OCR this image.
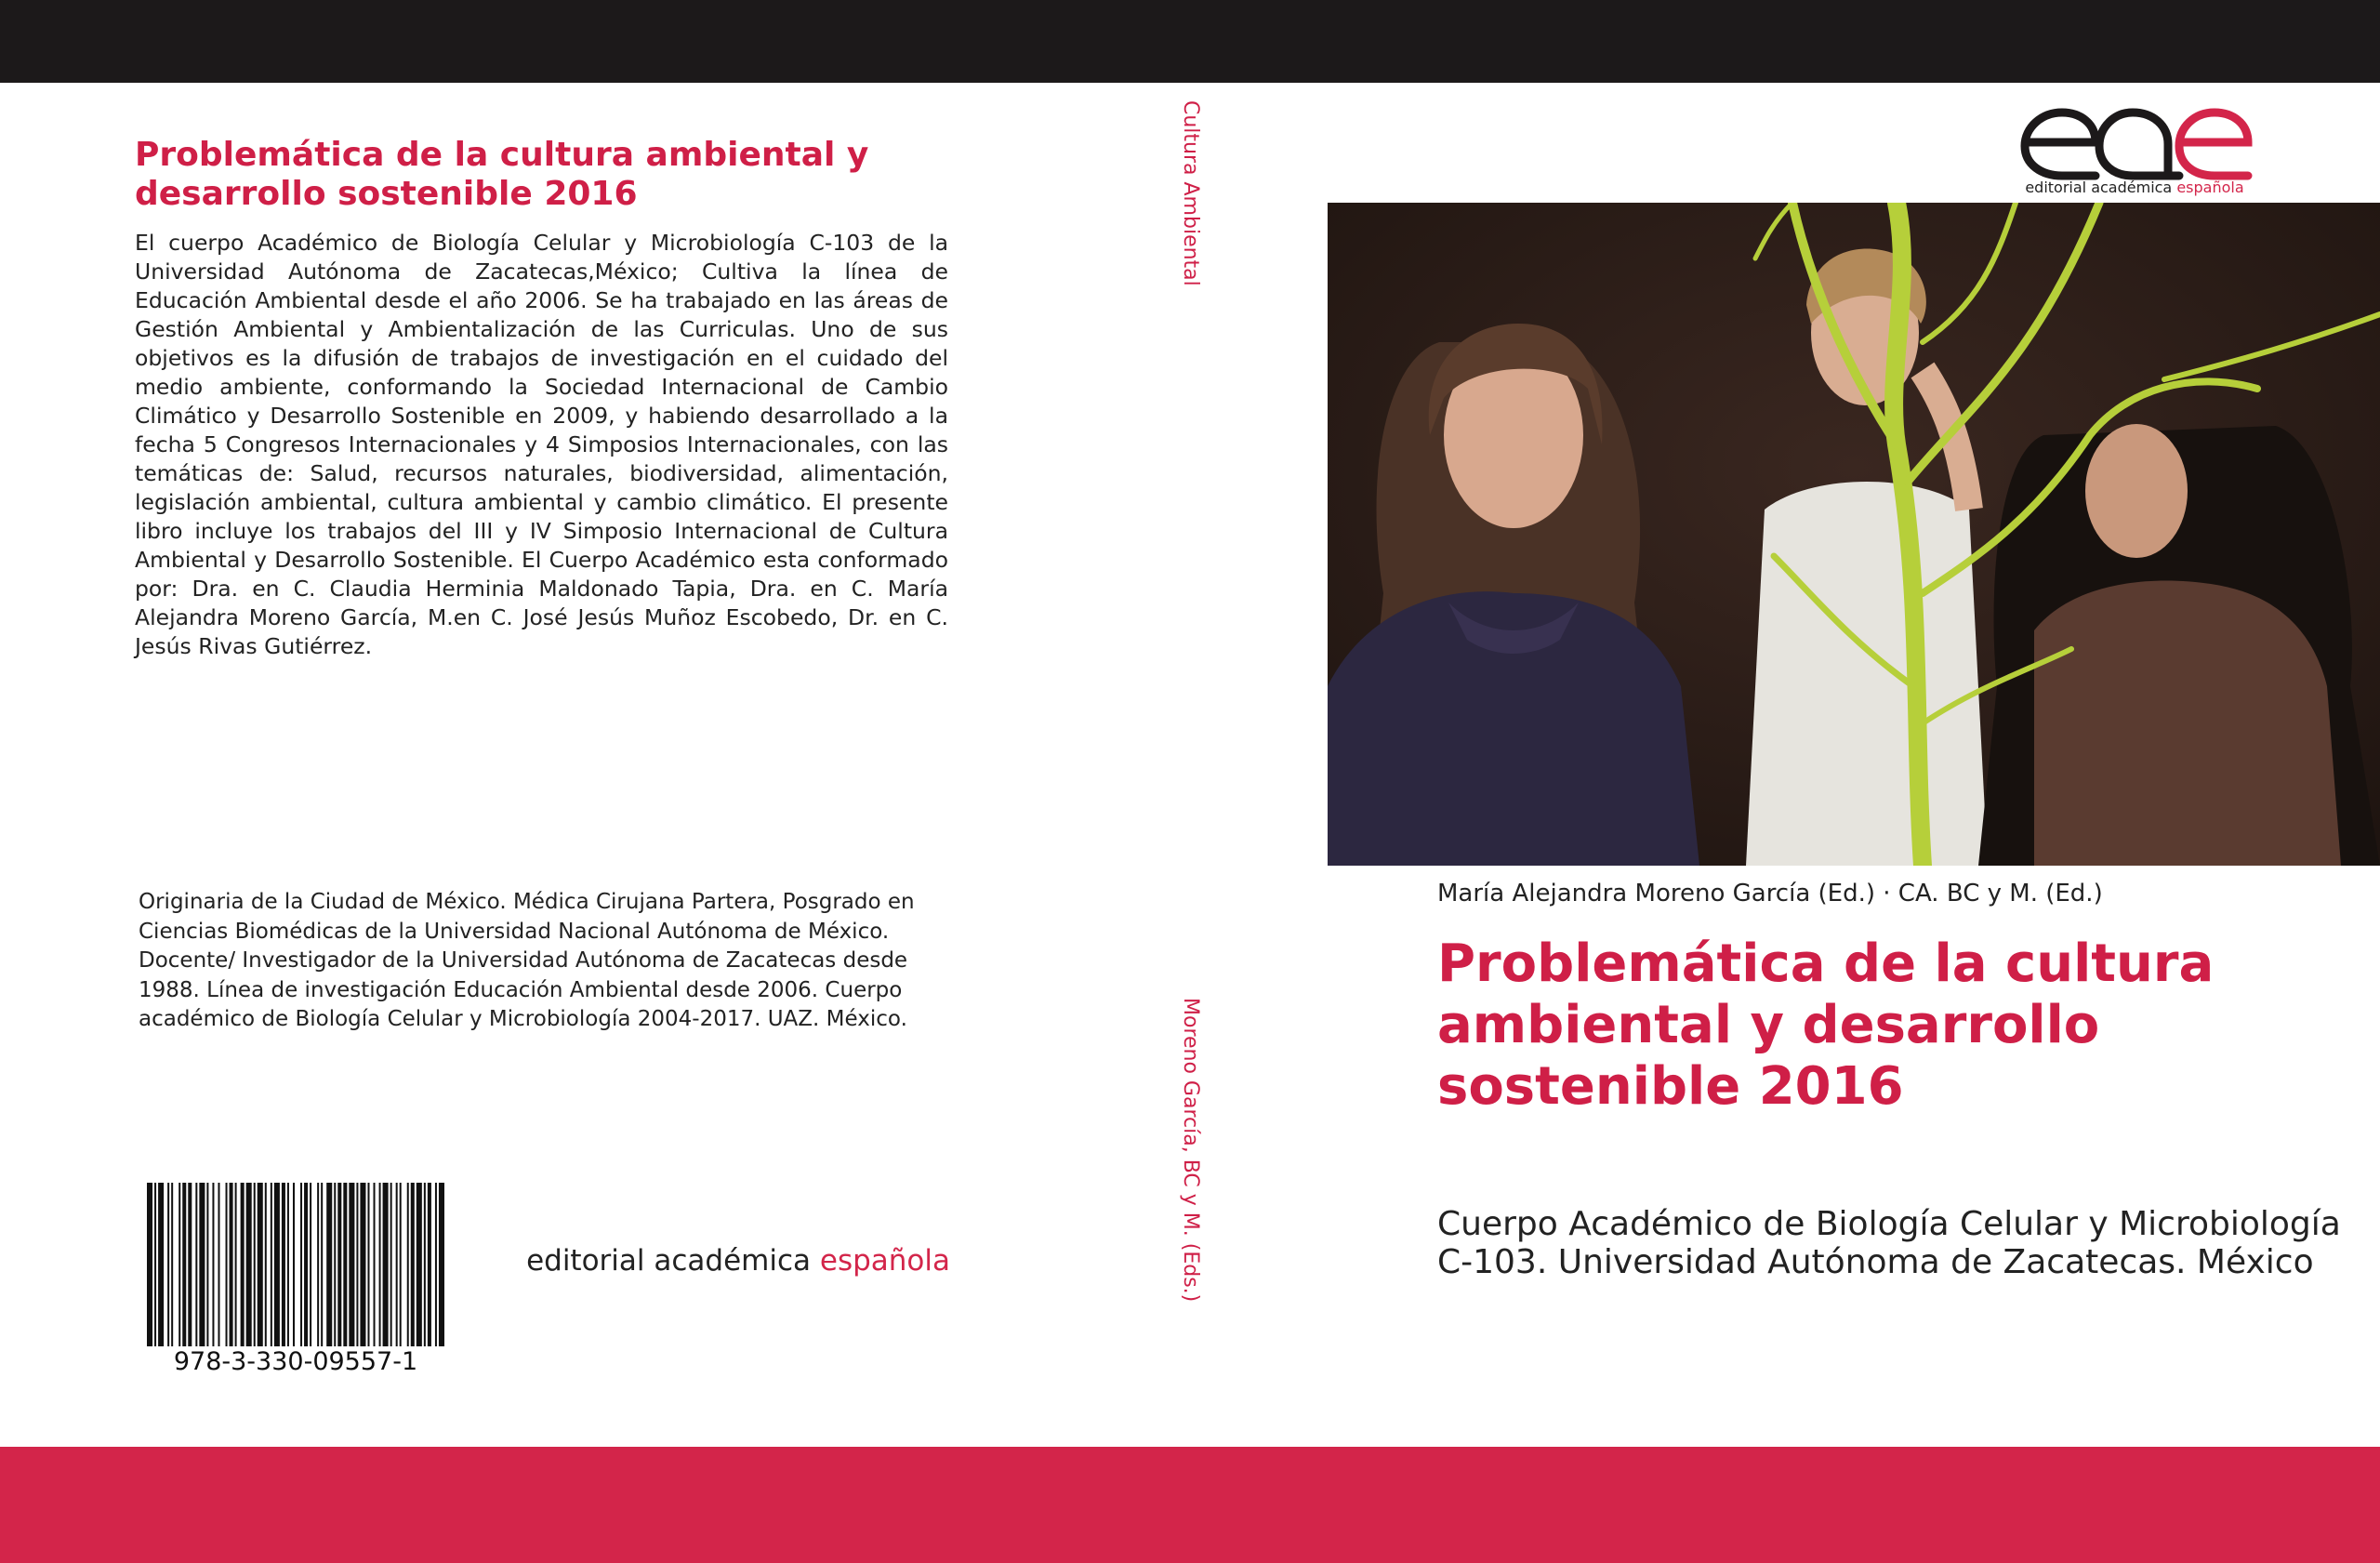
Problemática de la cultura ambiental y desarrollo sostenible 2016

El cuerpo Académico de Biología Celular y Microbiología C-103 de la Universidad Autónoma de Zacatecas,México; Cultiva la línea de Educación Ambiental desde el año 2006. Se ha trabajado en las áreas de Gestión Ambiental y Ambientalización de las Curriculas. Uno de sus objetivos es la difusión de trabajos de investigación en el cuidado del medio ambiente, conformando la Sociedad Internacional de Cambio Climático y Desarrollo Sostenible en 2009, y habiendo desarrollado a la fecha 5 Congresos Internacionales y 4 Simposios Internacionales, con las temáticas de: Salud, recursos naturales, biodiversidad, alimentación, legislación ambiental, cultura ambiental y cambio climático. El presente libro incluye los trabajos del III y IV Simposio Internacional de Cultura Ambiental y Desarrollo Sostenible. El Cuerpo Académico esta conformado por: Dra. en C. Claudia Herminia Maldonado Tapia, Dra. en C. María Alejandra Moreno García, M.en C. José Jesús Muñoz Escobedo, Dr. en C. Jesús Rivas Gutiérrez.

Originaria de la Ciudad de México. Médica Cirujana Partera, Posgrado en Ciencias Biomédicas de la Universidad Nacional Autónoma de México. Docente/ Investigador de la Universidad Autónoma de Zacatecas desde 1988. Línea de investigación Educación Ambiental desde 2006. Cuerpo académico de Biología Celular y Microbiología 2004-2017. UAZ. México.

978-3-330-09557-1
editorial académica española
Cultura Ambiental
Moreno García, BC y M. (Eds.)
editorial académica española

María Alejandra Moreno García (Ed.) · CA. BC y M. (Ed.)

Problemática de la cultura ambiental y desarrollo sostenible 2016

Cuerpo Académico de Biología Celular y Microbiología C-103. Universidad Autónoma de Zacatecas. México
